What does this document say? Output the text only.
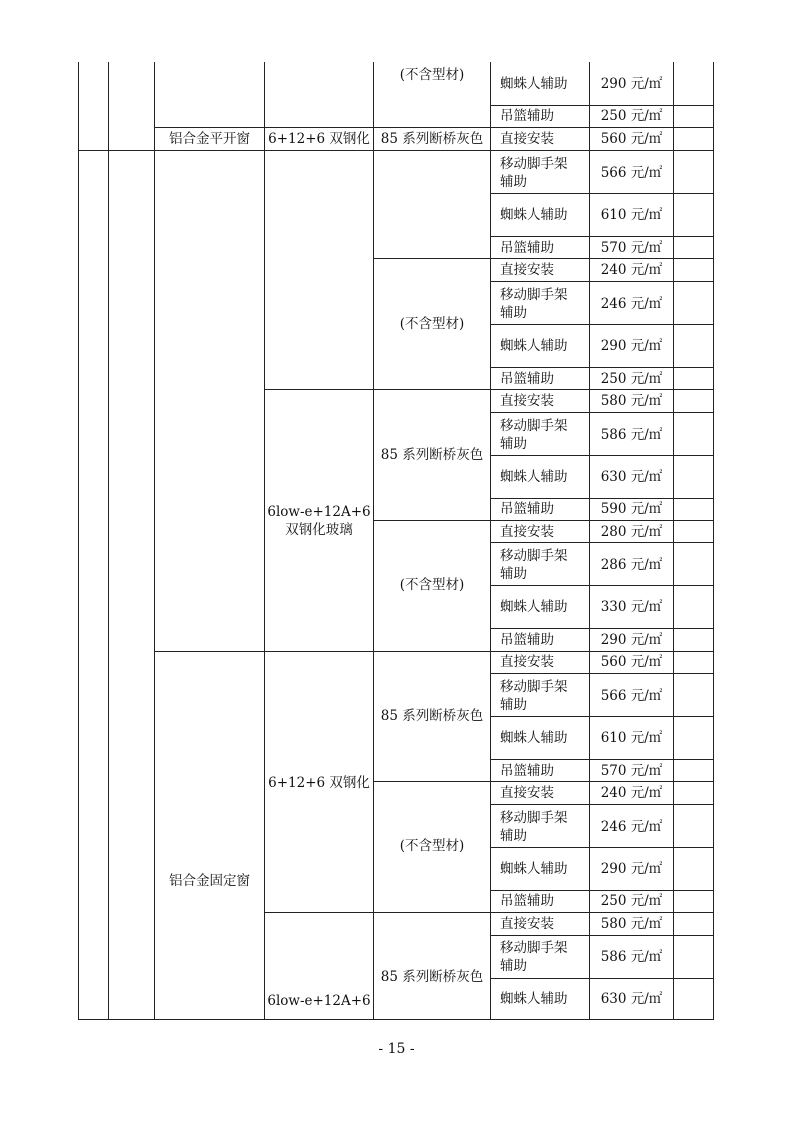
铝合金平开窗
铝合金固定窗
6+12+6 双钢化
6low-e+12A+6
双钢化玻璃
6+12+6 双钢化
6low-e+12A+6
(不含型材)
85 系列断桥灰色
(不含型材)
85 系列断桥灰色
(不含型材)
85 系列断桥灰色
(不含型材)
85 系列断桥灰色
蜘蛛人辅助
吊篮辅助
直接安装
移动脚手架
辅助
蜘蛛人辅助
吊篮辅助
直接安装
移动脚手架
辅助
蜘蛛人辅助
吊篮辅助
直接安装
移动脚手架
辅助
蜘蛛人辅助
吊篮辅助
直接安装
移动脚手架
辅助
蜘蛛人辅助
吊篮辅助
直接安装
移动脚手架
辅助
蜘蛛人辅助
吊篮辅助
直接安装
移动脚手架
辅助
蜘蛛人辅助
吊篮辅助
直接安装
移动脚手架
辅助
蜘蛛人辅助
290 元/㎡
250 元/㎡
560 元/㎡
566 元/㎡
610 元/㎡
570 元/㎡
240 元/㎡
246 元/㎡
290 元/㎡
250 元/㎡
580 元/㎡
586 元/㎡
630 元/㎡
590 元/㎡
280 元/㎡
286 元/㎡
330 元/㎡
290 元/㎡
560 元/㎡
566 元/㎡
610 元/㎡
570 元/㎡
240 元/㎡
246 元/㎡
290 元/㎡
250 元/㎡
580 元/㎡
586 元/㎡
630 元/㎡
- 15 -
